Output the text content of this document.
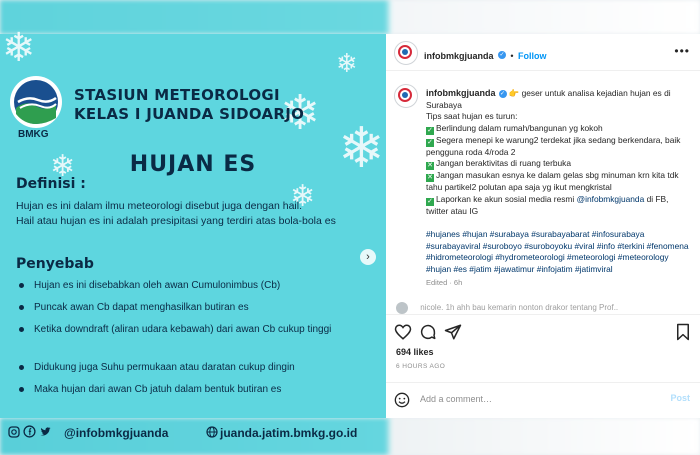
❄
❄
❄
❄
❄
❄
BMKG
STASIUN METEOROLOGI KELAS I JUANDA SIDOARJO
HUJAN ES
Definisi :

Hujan es ini dalam ilmu meteorologi disebut juga dengan hail.

Hail atau hujan es ini adalah presipitasi yang terdiri atas bola-bola es

Penyebab
Hujan es ini disebabkan oleh awan Cumulonimbus (Cb)
Puncak awan Cb dapat menghasilkan butiran es
Ketika downdraft (aliran udara kebawah) dari awan Cb cukup tinggi
Didukung juga Suhu permukaan atau daratan cukup dingin
Maka hujan dari awan Cb jatuh dalam bentuk butiran es
›
@infobmkgjuanda	juanda.jatim.bmkg.go.id
infobmkgjuanda ✓ • Follow	•••
infobmkgjuanda ✓ 👉 geser untuk analisa kejadian hujan es di Surabaya
Tips saat hujan es turun:
✓ Berlindung dalam rumah/bangunan yg kokoh
✓ Segera menepi ke warung2 terdekat jika sedang berkendara, baik pengguna roda 4/roda 2
✕ Jangan beraktivitas di ruang terbuka
✕ Jangan masukan esnya ke dalam gelas sbg minuman krn kita tdk tahu partikel2 polutan apa saja yg ikut mengkristal
✓ Laporkan ke akun sosial media resmi @infobmkgjuanda di FB, twitter atau IG

#hujanes #hujan #surabaya #surabayabarat #infosurabaya #surabayaviral #suroboyo #suroboyoku #viral #info #terkini #fenomena #hidrometeorologi #hydrometeorologi #meteorologi #meteorology #hujan #es #jatim #jawatimur #infojatim #jatimviral
Edited · 6h
nicole. 1h ahh bau kemarin nonton drakor tentang Prof..
694 likes
6 HOURS AGO
Add a comment…
Post
